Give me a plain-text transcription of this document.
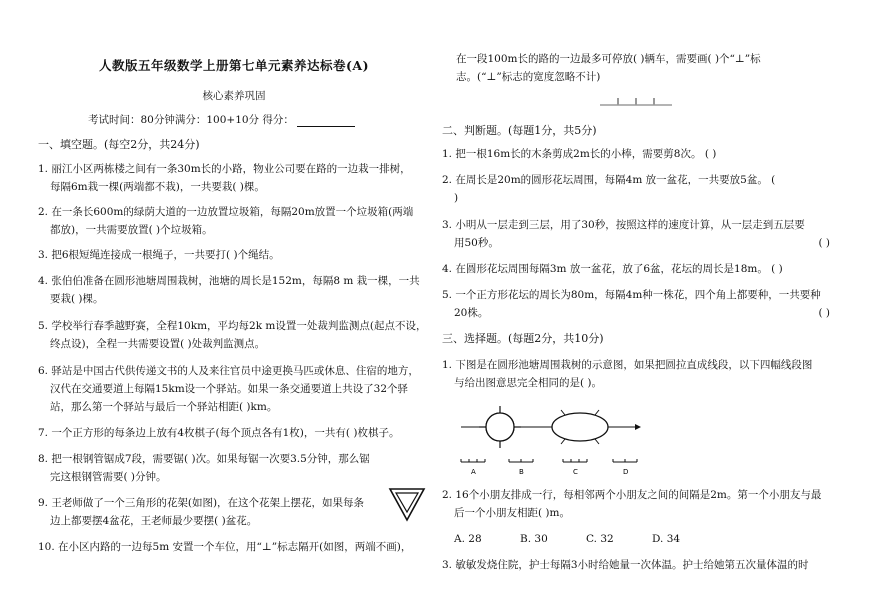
人教版五年级数学上册第七单元素养达标卷(A)
核心素养巩固
考试时间：80分钟满分：100+10分 得分：
一、填空题。(每空2分，共24分)
1. 丽江小区两栋楼之间有一条30m长的小路，物业公司要在路的一边栽一排树，
每隔6m栽一棵(两端都不栽)，一共要栽( )棵。
2. 在一条长600m的绿荫大道的一边放置垃圾箱，每隔20m放置一个垃圾箱(两端
都放)，一共需要放置( )个垃圾箱。
3. 把6根短绳连接成一根绳子，一共要打( )个绳结。
4. 张伯伯准备在圆形池塘周围栽树，池塘的周长是152m，每隔8 m 栽一棵，一共
要栽( )棵。
5. 学校举行春季越野赛，全程10km，平均每2k m设置一处裁判监测点(起点不设，
终点设)，全程一共需要设置( )处裁判监测点。
6. 驿站是中国古代供传递文书的人及来往官员中途更换马匹或休息、住宿的地方，
汉代在交通要道上每隔15km设一个驿站。如果一条交通要道上共设了32个驿
站，那么第一个驿站与最后一个驿站相距( )km。
7. 一个正方形的每条边上放有4枚棋子(每个顶点各有1枚)，一共有( )枚棋子。
8. 把一根钢管锯成7段，需要锯( )次。如果每锯一次要3.5分钟，那么锯
完这根钢管需要( )分钟。
9. 王老师做了一个三角形的花架(如图)，在这个花架上摆花，如果每条
边上都要摆4盆花，王老师最少要摆( )盆花。
10. 在小区内路的一边每5m 安置一个车位，用“⊥”标志隔开(如图，两端不画)，
在一段100m长的路的一边最多可停放( )辆车，需要画( )个“⊥”标
志。(“⊥”标志的宽度忽略不计)
二、判断题。(每题1分，共5分)
1. 把一根16m长的木条剪成2m长的小棒，需要剪8次。 ( )
2. 在周长是20m的圆形花坛周围，每隔4m 放一盆花，一共要放5盆。 (
)
3. 小明从一层走到三层，用了30秒，按照这样的速度计算，从一层走到五层要
用50秒。	( )
4. 在圆形花坛周围每隔3m 放一盆花，放了6盆，花坛的周长是18m。 ( )
5. 一个正方形花坛的周长为80m，每隔4m种一株花，四个角上都要种，一共要种
20株。	( )
三、选择题。(每题2分，共10分)
1. 下图是在圆形池塘周围栽树的示意图，如果把圆拉直成线段，以下四幅线段图
与给出图意思完全相同的是( )。
A	B	C	D
2. 16个小朋友排成一行，每相邻两个小朋友之间的间隔是2m。第一个小朋友与最
后一个小朋友相距( )m。
A. 28	B. 30	C. 32	D. 34
3. 敏敏发烧住院，护士每隔3小时给她量一次体温。护士给她第五次量体温的时
